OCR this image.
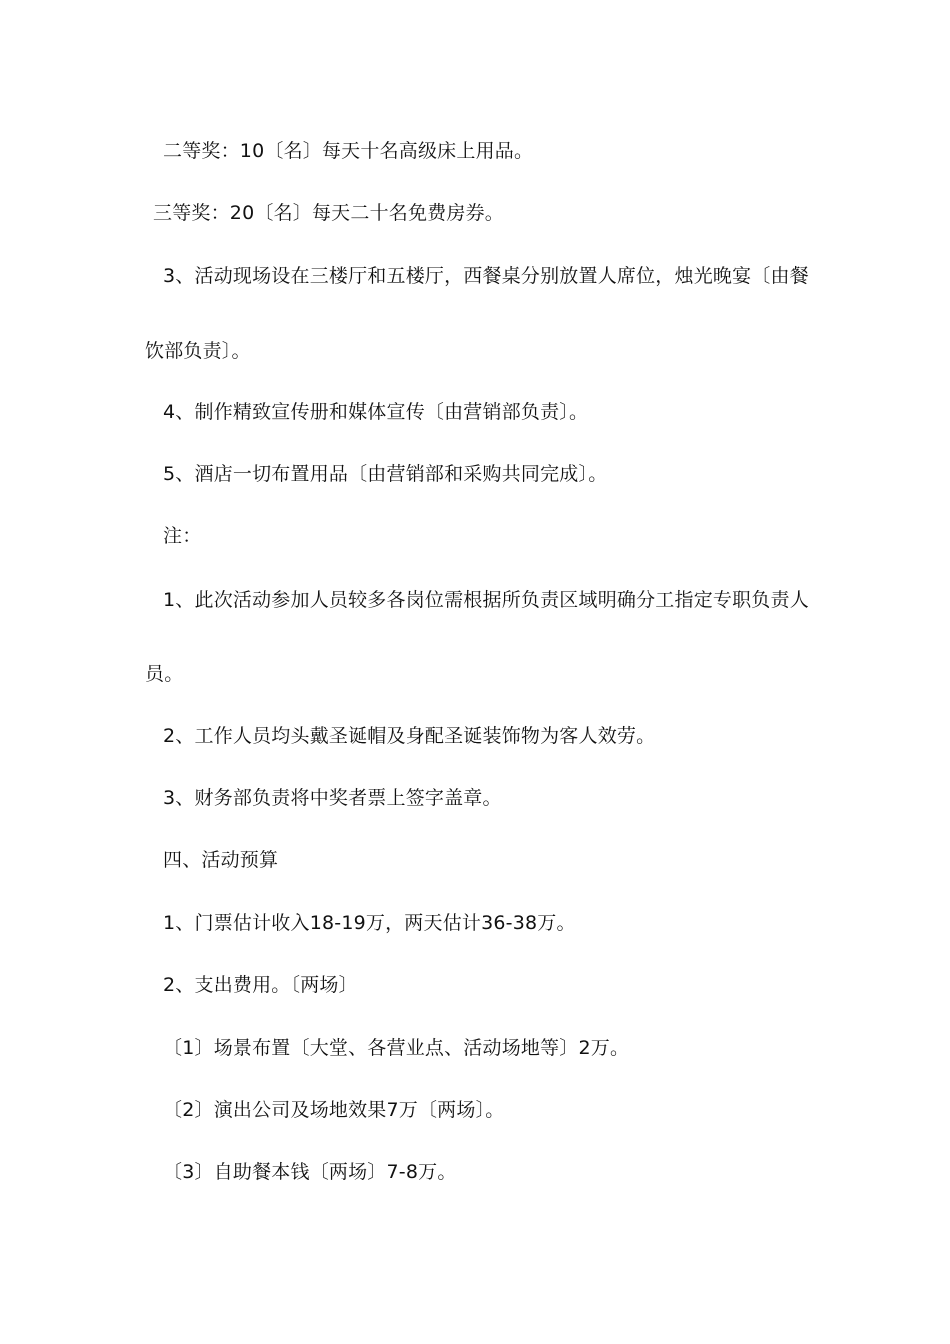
二等奖：10〔名〕每天十名高级床上用品。
三等奖：20〔名〕每天二十名免费房券。
3、活动现场设在三楼厅和五楼厅，西餐桌分别放置人席位，烛光晚宴〔由餐
饮部负责〕。
4、制作精致宣传册和媒体宣传〔由营销部负责〕。
5、酒店一切布置用品〔由营销部和采购共同完成〕。
注：
1、此次活动参加人员较多各岗位需根据所负责区域明确分工指定专职负责人
员。
2、工作人员均头戴圣诞帽及身配圣诞装饰物为客人效劳。
3、财务部负责将中奖者票上签字盖章。
四、活动预算
1、门票估计收入18-19万，两天估计36-38万。
2、支出费用。〔两场〕
〔1〕场景布置〔大堂、各营业点、活动场地等〕2万。
〔2〕演出公司及场地效果7万〔两场〕。
〔3〕自助餐本钱〔两场〕7-8万。
